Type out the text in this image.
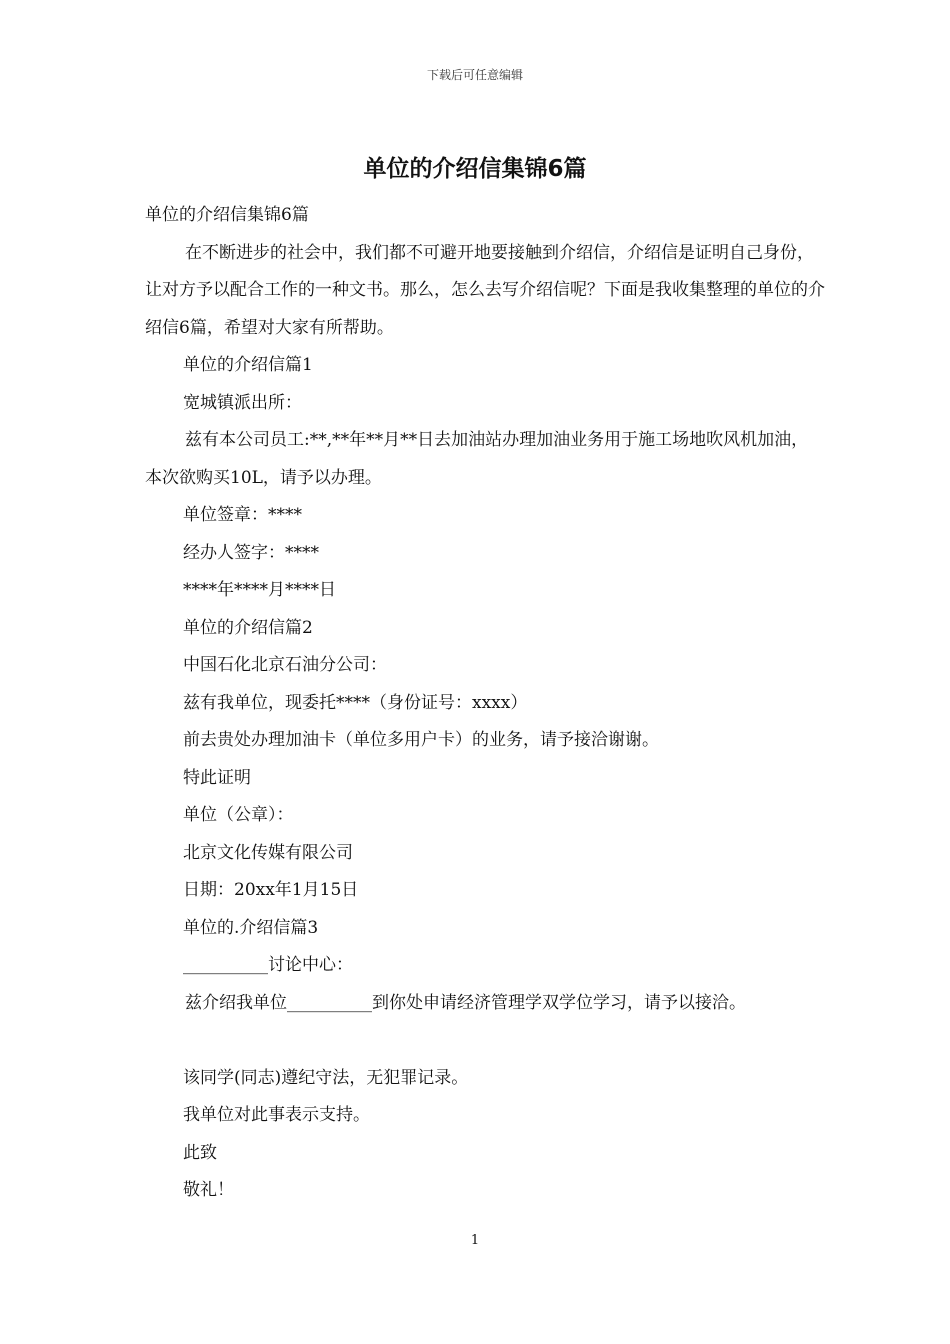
下载后可任意编辑
单位的介绍信集锦6篇

单位的介绍信集锦6篇

在不断进步的社会中，我们都不可避开地要接触到介绍信，介绍信是证明自己身份，让对方予以配合工作的一种文书。那么，怎么去写介绍信呢？下面是我收集整理的单位的介绍信6篇，希望对大家有所帮助。

单位的介绍信篇1

宽城镇派出所：

兹有本公司员工:**,**年**月**日去加油站办理加油业务用于施工场地吹风机加油，本次欲购买10L，请予以办理。

单位签章：****

经办人签字：****

****年****月****日

单位的介绍信篇2

中国石化北京石油分公司：

兹有我单位，现委托****（身份证号：xxxx）

前去贵处办理加油卡（单位多用户卡）的业务，请予接洽谢谢。

特此证明

单位（公章）：

北京文化传媒有限公司

日期：20xx年1月15日

单位的.介绍信篇3

__________讨论中心：

兹介绍我单位__________到你处申请经济管理学双学位学习，请予以接洽。

该同学(同志)遵纪守法，无犯罪记录。

我单位对此事表示支持。

此致

敬礼！

1
